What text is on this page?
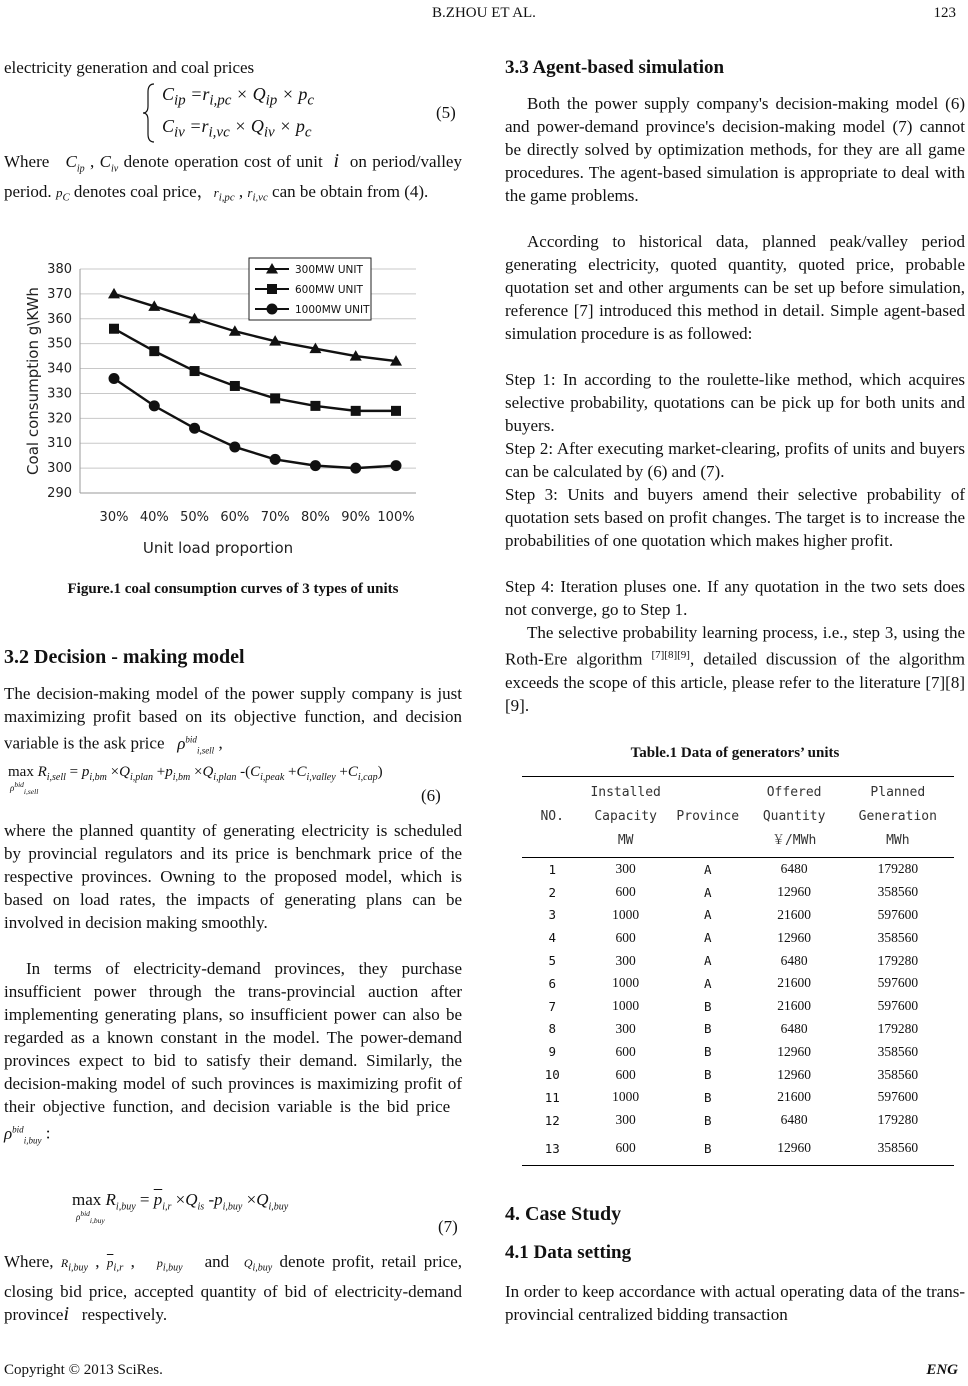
B.ZHOU ET AL.	123
electricity generation and coal prices
$C_{ip} =r_{i,pc} \times Q_{ip} \times p_c$
$C_{iv} =r_{i,vc} \times Q_{iv} \times p_c$
(5)
Where   $C_{ip}$ , $C_{iv}$ denote operation cost of unit  i  on period/valley period. $p_C$ denotes coal price，$r_{i,pc}$ , $r_{i,vc}$ can be obtain from (4).
290
300
310
320
330
340
350
360
370
380
30% 40% 50% 60% 70% 80% 90% 100%
Unit load proportion
Coal consumption g\KWh
300MW UNIT
600MW UNIT
1000MW UNIT
Figure.1 coal consumption curves of 3 types of units
3.2 Decision - making model
The decision-making model of the power supply company is just maximizing profit based on its objective function, and decision variable is the ask price   $\rho^{bid}_{i,sell}$ ,
$\max R_{i,sell} = p_{i,bm} \times Q_{i,plan} +p_{i,bm} \times Q_{i,plan}$ $-(C_{i,peak} +C_{i,valley} +C_{i,cap})$
$\rho^{bid}_{i,sell}$	(6)
where the planned quantity of generating electricity is scheduled by provincial regulators and its price is benchmark price of the respective provinces. Owning to the proposed model, which is based on load rates, the impacts of generating plans can be involved in decision making smoothly.
In terms of electricity-demand provinces, they purchase insufficient power through the trans-provincial auction after implementing generating plans, so insufficient power can also be regarded as a known constant in the model. The power-demand provinces expect to bid to satisfy their demand. Similarly, the decision-making model of such provinces is maximizing profit of their objective function, and decision variable is the bid price   $\rho^{bid}_{i,buy}$ :
$\max R_{i,buy} = \overline{p}_{i,r} \times Q_{is}$ $-p_{i,buy} \times Q_{i,buy}$
$\rho^{bid}_{i,buy}$	(7)
Where, $R_{i,buy}$ , $\overline{p}_{i,r}$ ,   $p_{i,buy}$   and  $Q_{i,buy}$ denote profit, retail price, closing bid price, accepted quantity of bid of electricity-demand provincei   respectively.
3.3 Agent-based simulation
Both the power supply company's decision-making model (6) and power-demand province's decision-making model (7) cannot be directly solved by optimization methods, for they are all game procedures. The agent-based simulation is appropriate to deal with the game problems.
According to historical data, planned peak/valley period generating electricity, quoted quantity, quoted price, probable quotation set and other arguments can be set up before simulation, reference [7] introduced this method in detail. Simple agent-based simulation procedure is as followed:
Step 1: In according to the roulette-like method, which acquires selective probability, quotations can be pick up for both units and buyers.
Step 2: After executing market-clearing, profits of units and buyers can be calculated by (6) and (7).
Step 3: Units and buyers amend their selective probability of quotation sets based on profit changes. The target is to increase the probabilities of one quotation which makes higher profit.
Step 4: Iteration pluses one. If any quotation in the two sets does not converge, go to Step 1.
The selective probability learning process, i.e., step 3, using the Roth-Ere algorithm [7][8][9], detailed discussion of the algorithm exceeds the scope of this article, please refer to the literature [7][8][9].
Table.1 Data of generators’ units
NO.	Installed Capacity MW	Province	Offered Quantity ￥/MWh	Planned Generation MWh
1	300	A	6480	179280
2	600	A	12960	358560
3	1000	A	21600	597600
4	600	A	12960	358560
5	300	A	6480	179280
6	1000	A	21600	597600
7	1000	B	21600	597600
8	300	B	6480	179280
9	600	B	12960	358560
10	600	B	12960	358560
11	1000	B	21600	597600
12	300	B	6480	179280
13	600	B	12960	358560
4. Case Study
4.1 Data setting
In order to keep accordance with actual operating data of the trans-provincial centralized bidding transaction
Copyright © 2013 SciRes.	ENG
